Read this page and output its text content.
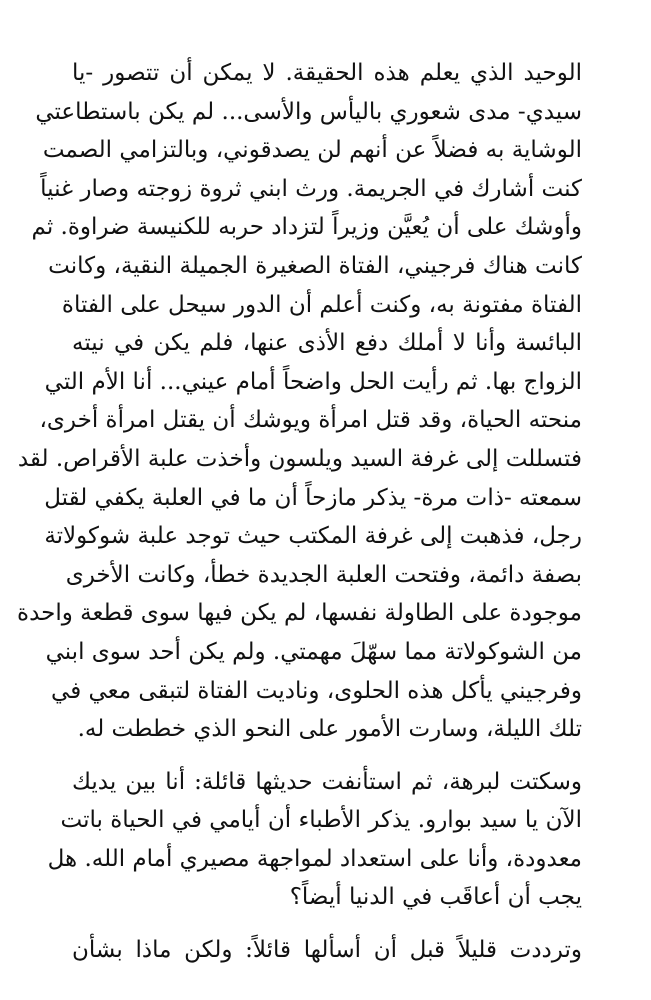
الوحيد الذي يعلم هذه الحقيقة. لا يمكن أن تتصور -يا
سيدي- مدى شعوري باليأس والأسى... لم يكن باستطاعتي
الوشاية به فضلاً عن أنهم لن يصدقوني، وبالتزامي الصمت
كنت أشارك في الجريمة. ورث ابني ثروة زوجته وصار غنياً
وأوشك على أن يُعيَّن وزيراً لتزداد حربه للكنيسة ضراوة. ثم
كانت هناك فرجيني، الفتاة الصغيرة الجميلة النقية، وكانت
الفتاة مفتونة به، وكنت أعلم أن الدور سيحل على الفتاة
البائسة وأنا لا أملك دفع الأذى عنها، فلم يكن في نيته
الزواج بها. ثم رأيت الحل واضحاً أمام عيني... أنا الأم التي
منحته الحياة، وقد قتل امرأة ويوشك أن يقتل امرأة أخرى،
فتسللت إلى غرفة السيد ويلسون وأخذت علبة الأقراص. لقد
سمعته -ذات مرة- يذكر مازحاً أن ما في العلبة يكفي لقتل
رجل، فذهبت إلى غرفة المكتب حيث توجد علبة شوكولاتة
بصفة دائمة، وفتحت العلبة الجديدة خطأ، وكانت الأخرى
موجودة على الطاولة نفسها، لم يكن فيها سوى قطعة واحدة
من الشوكولاتة مما سهّلَ مهمتي. ولم يكن أحد سوى ابني
وفرجيني يأكل هذه الحلوى، وناديت الفتاة لتبقى معي في
تلك الليلة، وسارت الأمور على النحو الذي خططت له.
وسكتت لبرهة، ثم استأنفت حديثها قائلة: أنا بين يديك
الآن يا سيد بوارو. يذكر الأطباء أن أيامي في الحياة باتت
معدودة، وأنا على استعداد لمواجهة مصيري أمام الله. هل
يجب أن أعاقَب في الدنيا أيضاً؟
وترددت قليلاً قبل أن أسألها قائلاً: ولكن ماذا بشأن
